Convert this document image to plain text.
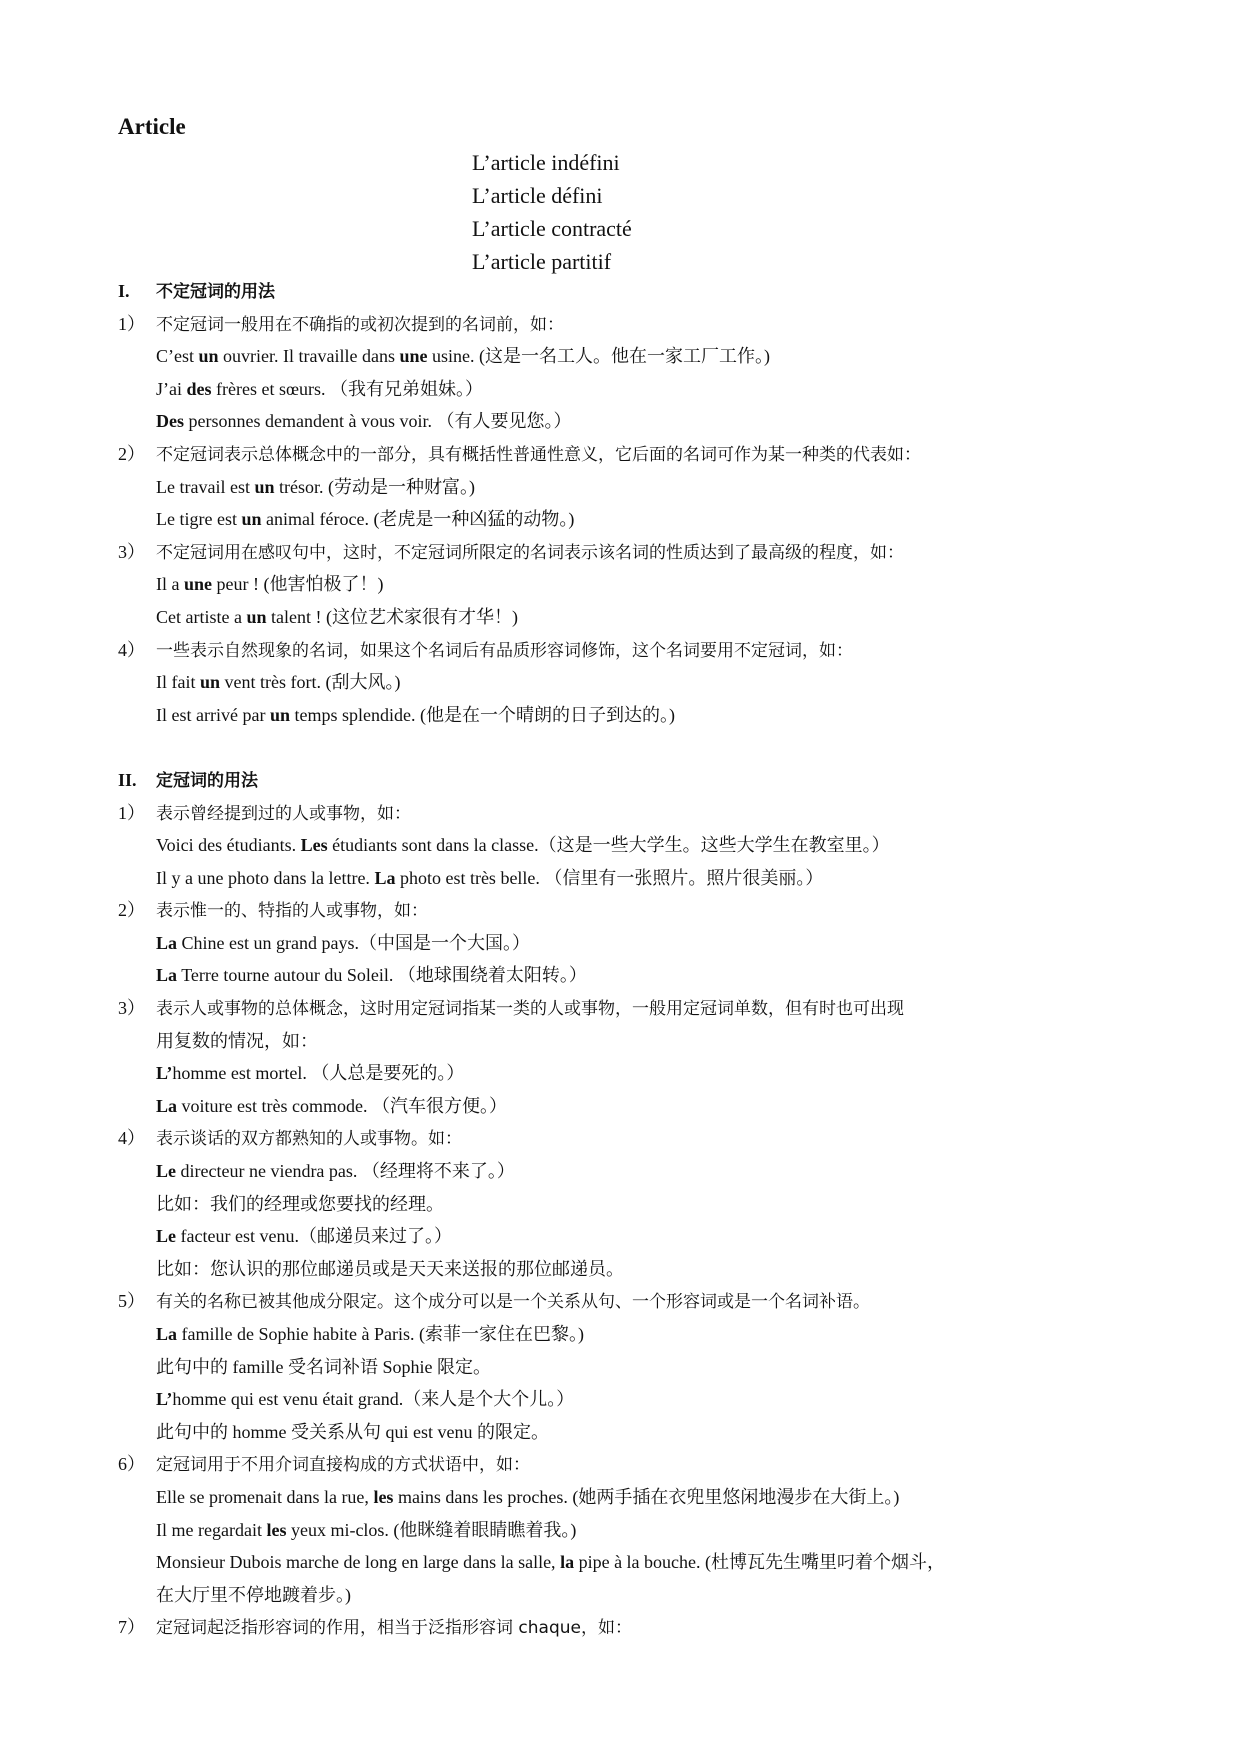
Article
L’article indéfini
L’article défini
L’article contracté
L’article partitif
I. 不定冠词的用法
1） 不定冠词一般用在不确指的或初次提到的名词前，如：
C’est un ouvrier. Il travaille dans une usine. (这是一名工人。他在一家工厂工作。)
J’ai des frères et sœurs. （我有兄弟姐妹。）
Des personnes demandent à vous voir. （有人要见您。）
2） 不定冠词表示总体概念中的一部分，具有概括性普通性意义，它后面的名词可作为某一种类的代表如：
Le travail est un trésor. (劳动是一种财富。)
Le tigre est un animal féroce. (老虎是一种凶猛的动物。)
3） 不定冠词用在感叹句中，这时，不定冠词所限定的名词表示该名词的性质达到了最高级的程度，如：
Il a une peur ! (他害怕极了！)
Cet artiste a un talent ! (这位艺术家很有才华！)
4） 一些表示自然现象的名词，如果这个名词后有品质形容词修饰，这个名词要用不定冠词，如：
Il fait un vent très fort. (刮大风。)
Il est arrivé par un temps splendide. (他是在一个晴朗的日子到达的。)
II. 定冠词的用法
1） 表示曾经提到过的人或事物，如：
Voici des étudiants. Les étudiants sont dans la classe.（这是一些大学生。这些大学生在教室里。）
Il y a une photo dans la lettre. La photo est très belle. （信里有一张照片。照片很美丽。）
2） 表示惟一的、特指的人或事物，如：
La Chine est un grand pays.（中国是一个大国。）
La Terre tourne autour du Soleil. （地球围绕着太阳转。）
3） 表示人或事物的总体概念，这时用定冠词指某一类的人或事物，一般用定冠词单数，但有时也可出现
用复数的情况，如：
L’homme est mortel. （人总是要死的。）
La voiture est très commode. （汽车很方便。）
4） 表示谈话的双方都熟知的人或事物。如：
Le directeur ne viendra pas. （经理将不来了。）
比如：我们的经理或您要找的经理。
Le facteur est venu.（邮递员来过了。）
比如：您认识的那位邮递员或是天天来送报的那位邮递员。
5） 有关的名称已被其他成分限定。这个成分可以是一个关系从句、一个形容词或是一个名词补语。
La famille de Sophie habite à Paris. (索菲一家住在巴黎。)
此句中的 famille 受名词补语 Sophie 限定。
L’homme qui est venu était grand.（来人是个大个儿。）
此句中的 homme 受关系从句 qui est venu 的限定。
6） 定冠词用于不用介词直接构成的方式状语中，如：
Elle se promenait dans la rue, les mains dans les proches. (她两手插在衣兜里悠闲地漫步在大街上。)
Il me regardait les yeux mi-clos. (他眯缝着眼睛瞧着我。)
Monsieur Dubois marche de long en large dans la salle, la pipe à la bouche. (杜博瓦先生嘴里叼着个烟斗，
在大厅里不停地踱着步。)
7） 定冠词起泛指形容词的作用，相当于泛指形容词 chaque，如：
